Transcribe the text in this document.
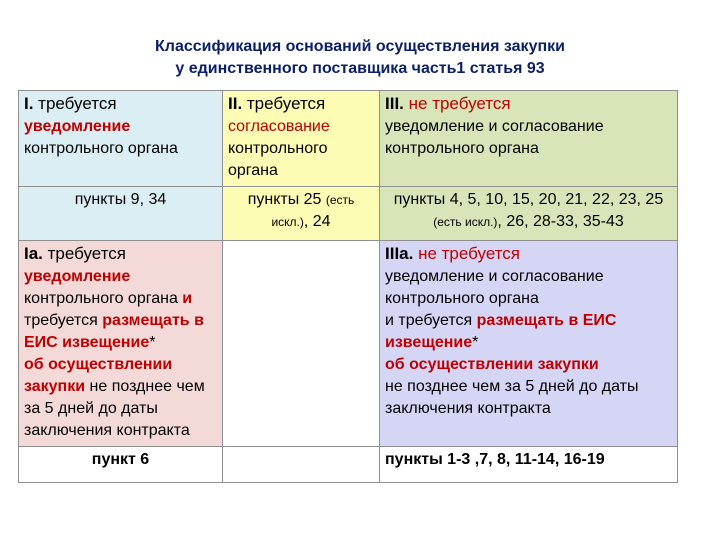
Классификация оснований осуществления закупки
у единственного поставщика часть1 статья 93
I. требуется
уведомление
контрольного органа	II. требуется
согласование
контрольного органа	III. не требуется
уведомление и согласование контрольного органа

пункты 9, 34	пункты 25 (есть искл.), 24	пункты 4, 5, 10, 15, 20, 21, 22, 23, 25 (есть искл.), 26, 28-33, 35-43
Ia. требуется
уведомление
контрольного органа и
требуется размещать в ЕИС извещение*
об осуществлении закупки не позднее чем за 5 дней до даты заключения контракта		IIIa. не требуется
уведомление и согласование контрольного органа
и требуется размещать в ЕИС извещение*
об осуществлении закупки
не позднее чем за 5 дней до даты заключения контракта

пункт 6		пункты 1-3 ,7, 8, 11-14, 16-19
